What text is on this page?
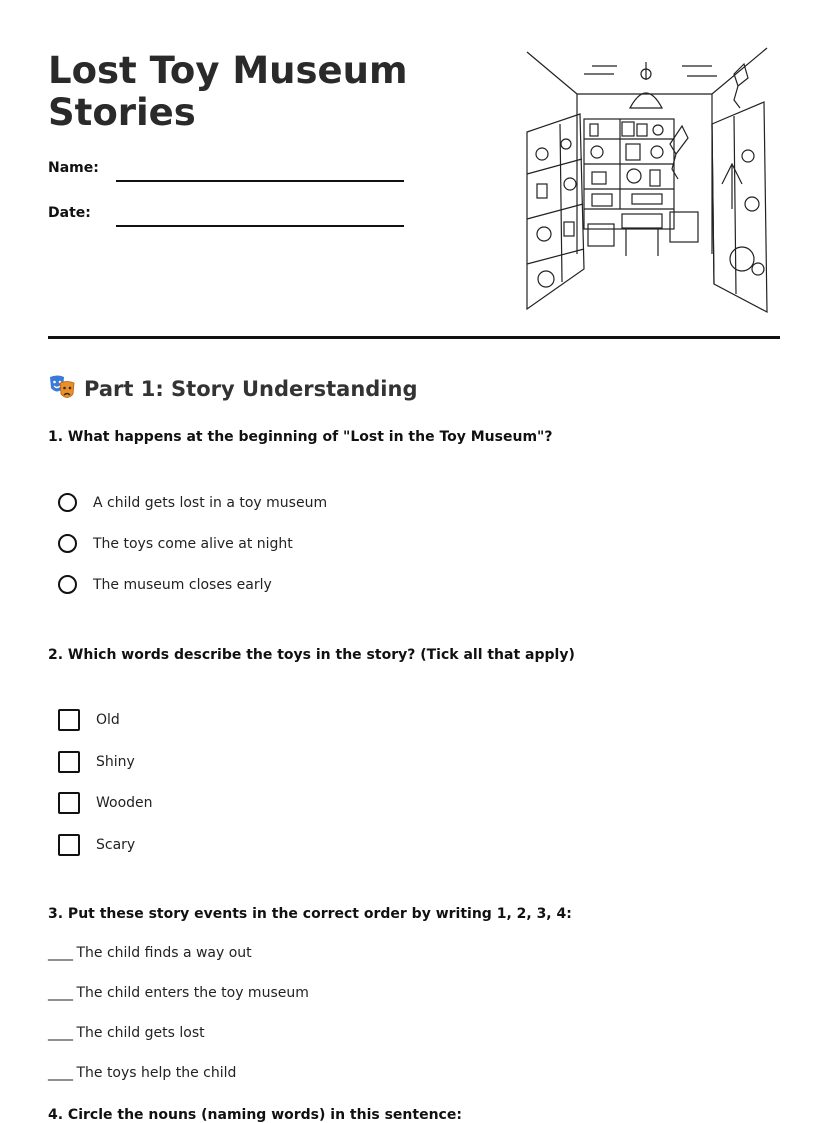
Lost Toy Museum Stories
Name:
Date:
Part 1: Story Understanding
1. What happens at the beginning of "Lost in the Toy Museum"?
A child gets lost in a toy museum
The toys come alive at night
The museum closes early
2. Which words describe the toys in the story? (Tick all that apply)
Old
Shiny
Wooden
Scary
3. Put these story events in the correct order by writing 1, 2, 3, 4:
____ The child finds a way out
____ The child enters the toy museum
____ The child gets lost
____ The toys help the child
4. Circle the nouns (naming words) in this sentence:
